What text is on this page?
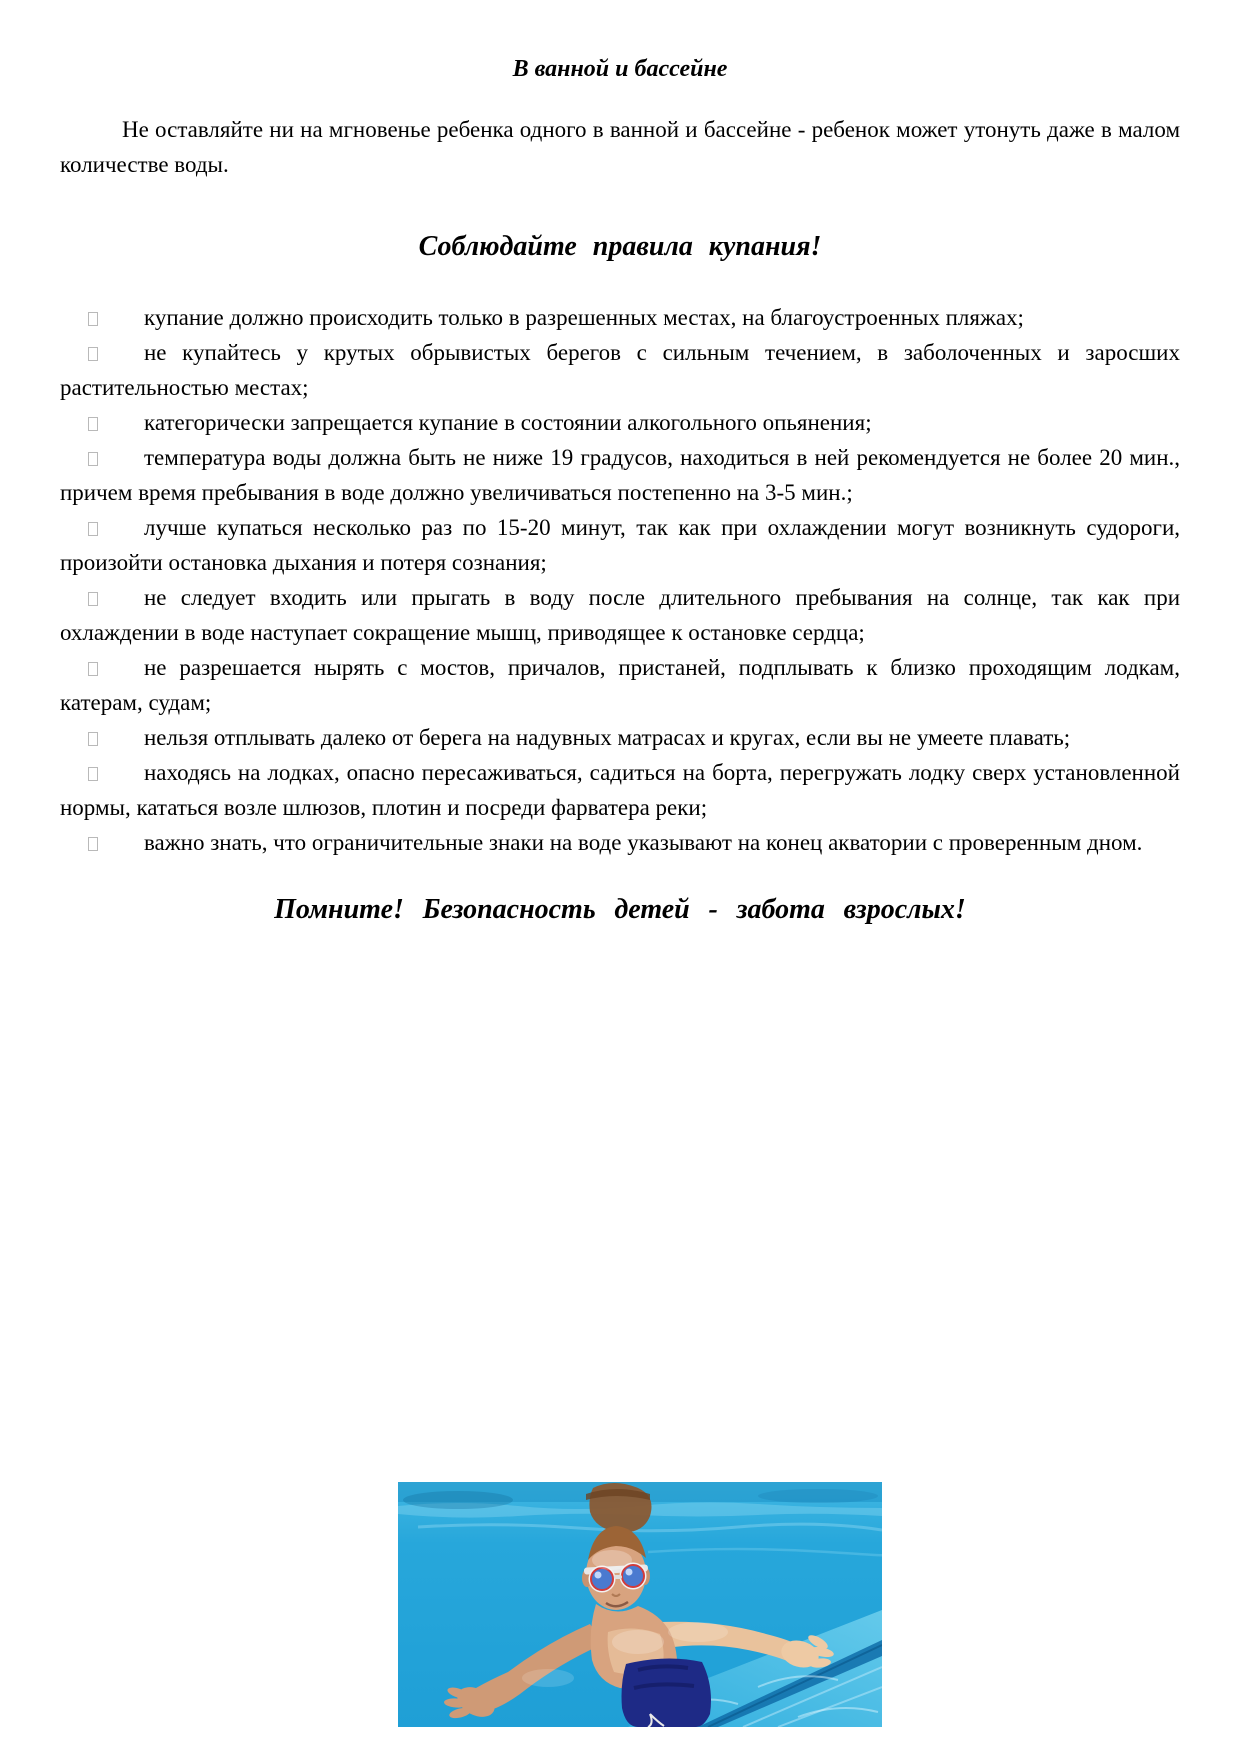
В ванной и бассейне

Не оставляйте ни на мгновенье ребенка одного в ванной и бассейне - ребенок может утонуть даже в малом количестве воды.

Соблюдайте правила купания!
купание должно происходить только в разрешенных местах, на благоустроенных пляжах;
не купайтесь у крутых обрывистых берегов с сильным течением, в заболоченных и заросших растительностью местах;
категорически запрещается купание в состоянии алкогольного опьянения;
температура воды должна быть не ниже 19 градусов, находиться в ней рекомендуется не более 20 мин., причем время пребывания в воде должно увеличиваться постепенно на 3-5 мин.;
лучше купаться несколько раз по 15-20 минут, так как при охлаждении могут возникнуть судороги, произойти остановка дыхания и потеря сознания;
не следует входить или прыгать в воду после длительного пребывания на солнце, так как при охлаждении в воде наступает сокращение мышц, приводящее к остановке сердца;
не разрешается нырять с мостов, причалов, пристаней, подплывать к близко проходящим лодкам, катерам, судам;
нельзя отплывать далеко от берега на надувных матрасах и кругах, если вы не умеете плавать;
находясь на лодках, опасно пересаживаться, садиться на борта, перегружать лодку сверх установленной нормы, кататься возле шлюзов, плотин и посреди фарватера реки;
важно знать, что ограничительные знаки на воде указывают на конец акватории с проверенным дном.
Помните! Безопасность детей - забота взрослых!
